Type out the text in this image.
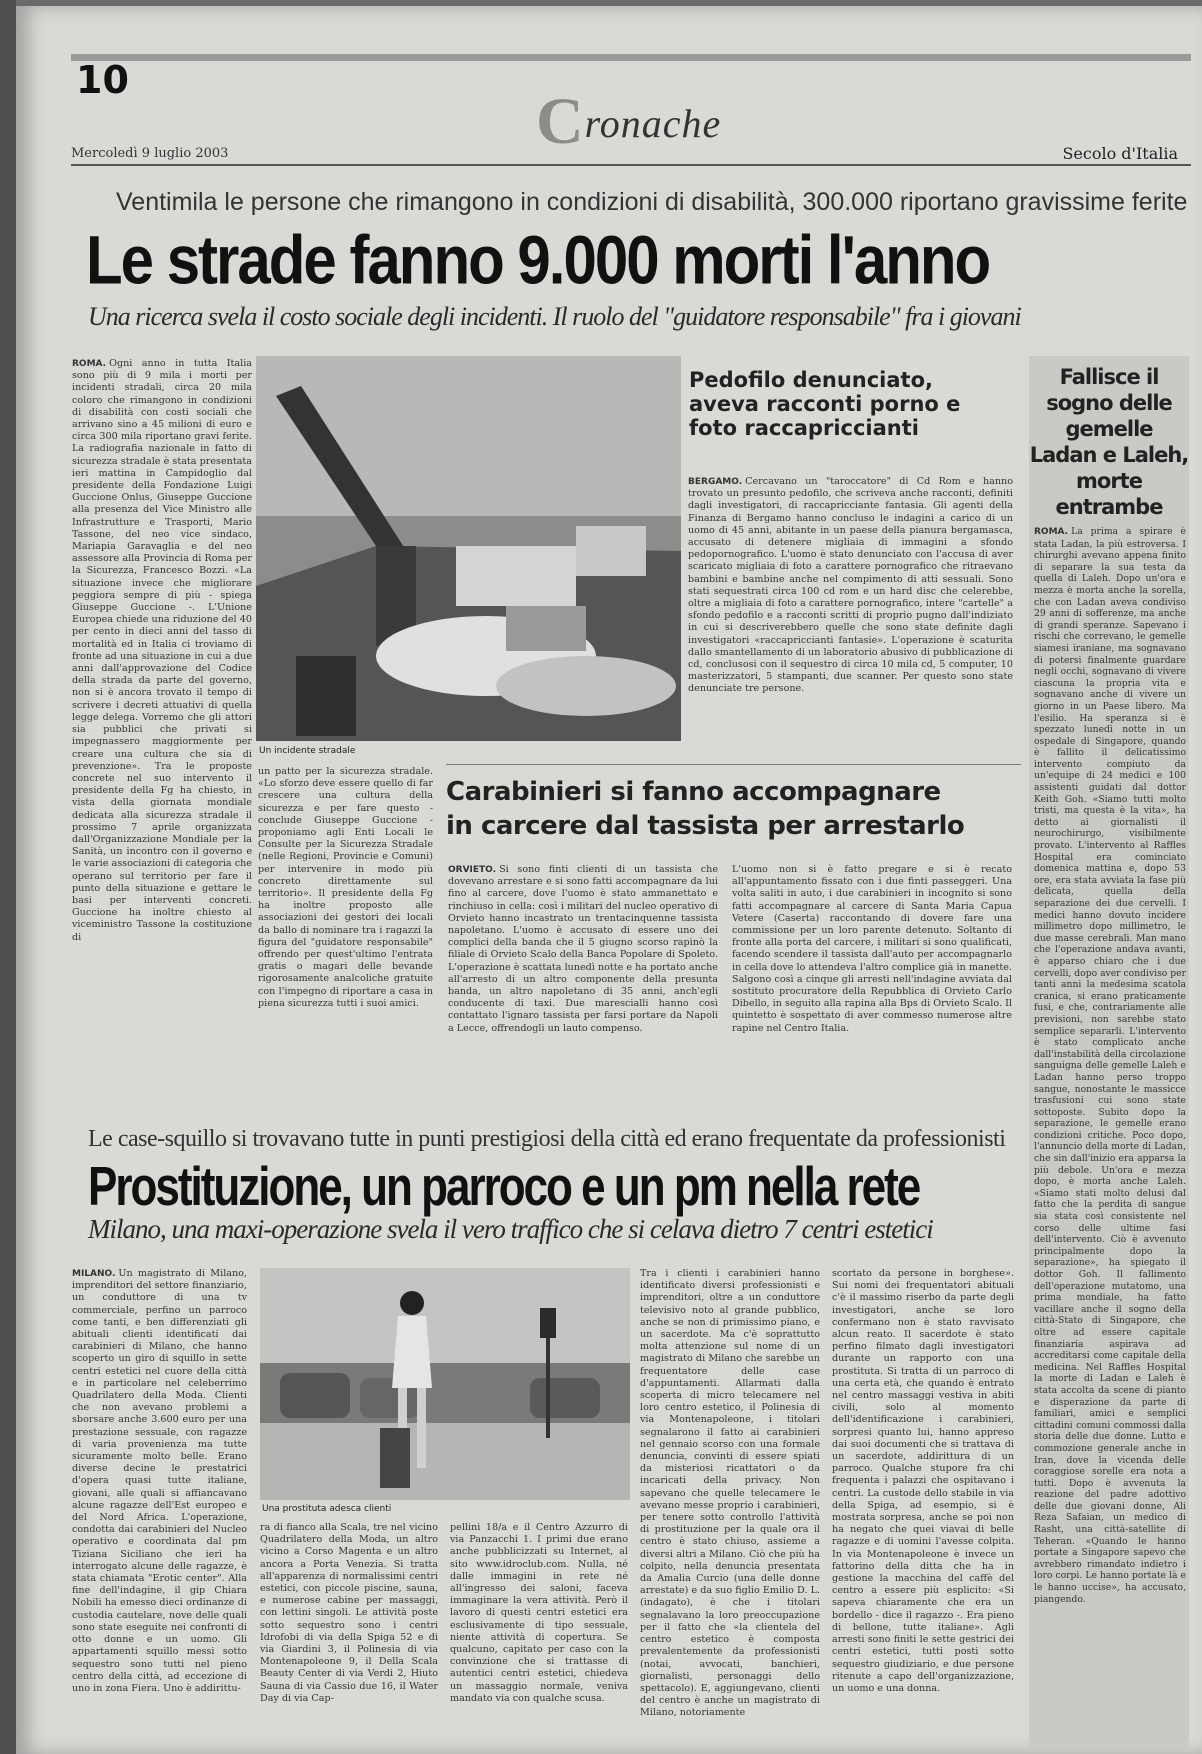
10
Cronache
Mercoledì 9 luglio 2003	Secolo d'Italia
Ventimila le persone che rimangono in condizioni di disabilità, 300.000 riportano gravissime ferite
Le strade fanno 9.000 morti l'anno
Una ricerca svela il costo sociale degli incidenti. Il ruolo del "guidatore responsabile" fra i giovani
ROMA. Ogni anno in tutta Italia sono più di 9 mila i morti per incidenti stradali, circa 20 mila coloro che rimangono in condizioni di disabilità con costi sociali che arrivano sino a 45 milioni di euro e circa 300 mila riportano gravi ferite. La radiografia nazionale in fatto di sicurezza stradale è stata presentata ieri mattina in Campidoglio dal presidente della Fondazione Luigi Guccione Onlus, Giuseppe Guccione alla presenza del Vice Ministro alle Infrastrutture e Trasporti, Mario Tassone, del neo vice sindaco, Mariapia Garavaglia e del neo assessore alla Provincia di Roma per la Sicurezza, Francesco Bozzi. «La situazione invece che migliorare peggiora sempre di più - spiega Giuseppe Guccione -. L'Unione Europea chiede una riduzione del 40 per cento in dieci anni del tasso di mortalità ed in Italia ci troviamo di fronte ad una situazione in cui a due anni dall'approvazione del Codice della strada da parte del governo, non si è ancora trovato il tempo di scrivere i decreti attuativi di quella legge delega. Vorremo che gli attori sia pubblici che privati si impegnassero maggiormente per creare una cultura che sia di prevenzione». Tra le proposte concrete nel suo intervento il presidente della Fg ha chiesto, in vista della giornata mondiale dedicata alla sicurezza stradale il prossimo 7 aprile organizzata dall'Organizzazione Mondiale per la Sanità, un incontro con il governo e le varie associazioni di categoria che operano sul territorio per fare il punto della situazione e gettare le basi per interventi concreti. Guccione ha inoltre chiesto al viceministro Tassone la costituzione di
Un incidente stradale
un patto per la sicurezza stradale. «Lo sforzo deve essere quello di far crescere una cultura della sicurezza e per fare questo - conclude Giuseppe Guccione - proponiamo agli Enti Locali le Consulte per la Sicurezza Stradale (nelle Regioni, Provincie e Comuni) per intervenire in modo più concreto direttamente sul territorio». Il presidente della Fg ha inoltre proposto alle associazioni dei gestori dei locali da ballo di nominare tra i ragazzi la figura del "guidatore responsabile" offrendo per quest'ultimo l'entrata gratis o magari delle bevande rigorosamente analcoliche gratuite con l'impegno di riportare a casa in piena sicurezza tutti i suoi amici.
Pedofilo denunciato, aveva racconti porno e foto raccapriccianti
BERGAMO. Cercavano un "taroccatore" di Cd Rom e hanno trovato un presunto pedofilo, che scriveva anche racconti, definiti dagli investigatori, di raccapricciante fantasia. Gli agenti della Finanza di Bergamo hanno concluso le indagini a carico di un uomo di 45 anni, abitante in un paese della pianura bergamasca, accusato di detenere migliaia di immagini a sfondo pedopornografico. L'uomo è stato denunciato con l'accusa di aver scaricato migliaia di foto a carattere pornografico che ritraevano bambini e bambine anche nel compimento di atti sessuali. Sono stati sequestrati circa 100 cd rom e un hard disc che celerebbe, oltre a migliaia di foto a carattere pornografico, intere "cartelle" a sfondo pedofilo e a racconti scritti di proprio pugno dall'indiziato in cui si descriverebbero quelle che sono state definite dagli investigatori «raccapriccianti fantasie». L'operazione è scaturita dallo smantellamento di un laboratorio abusivo di pubblicazione di cd, conclusosi con il sequestro di circa 10 mila cd, 5 computer, 10 masterizzatori, 5 stampanti, due scanner. Per questo sono state denunciate tre persone.
Carabinieri si fanno accompagnare
in carcere dal tassista per arrestarlo
ORVIETO. Si sono finti clienti di un tassista che dovevano arrestare e si sono fatti accompagnare da lui fino al carcere, dove l'uomo è stato ammanettato e rinchiuso in cella: così i militari del nucleo operativo di Orvieto hanno incastrato un trentacinquenne tassista napoletano. L'uomo è accusato di essere uno dei complici della banda che il 5 giugno scorso rapinò la filiale di Orvieto Scalo della Banca Popolare di Spoleto. L'operazione è scattata lunedì notte e ha portato anche all'arresto di un altro componente della presunta banda, un altro napoletano di 35 anni, anch'egli conducente di taxi. Due marescialli hanno così contattato l'ignaro tassista per farsi portare da Napoli a Lecce, offrendogli un lauto compenso.
L'uomo non si è fatto pregare e si è recato all'appuntamento fissato con i due finti passeggeri. Una volta saliti in auto, i due carabinieri in incognito si sono fatti accompagnare al carcere di Santa Maria Capua Vetere (Caserta) raccontando di dovere fare una commissione per un loro parente detenuto. Soltanto di fronte alla porta del carcere, i militari si sono qualificati, facendo scendere il tassista dall'auto per accompagnarlo in cella dove lo attendeva l'altro complice già in manette. Salgono così a cinque gli arresti nell'indagine avviata dal sostituto procuratore della Repubblica di Orvieto Carlo Dibello, in seguito alla rapina alla Bps di Orvieto Scalo. Il quintetto è sospettato di aver commesso numerose altre rapine nel Centro Italia.
Fallisce il sogno delle gemelle Ladan e Laleh, morte entrambe
ROMA. La prima a spirare è stata Ladan, la più estroversa. I chirurghi avevano appena finito di separare la sua testa da quella di Laleh. Dopo un'ora e mezza è morta anche la sorella, che con Ladan aveva condiviso 29 anni di sofferenze, ma anche di grandi speranze. Sapevano i rischi che correvano, le gemelle siamesi iraniane, ma sognavano di potersi finalmente guardare negli occhi, sognavano di vivere ciascuna la propria vita e sognavano anche di vivere un giorno in un Paese libero. Ma l'esilio. Ha speranza si è spezzato lunedì notte in un ospedale di Singapore, quando è fallito il delicatissimo intervento compiuto da un'equipe di 24 medici e 100 assistenti guidati dal dottor Keith Goh. «Siamo tutti molto tristi, ma questa è la vita», ha detto ai giornalisti il neurochirurgo, visibilmente provato. L'intervento al Raffles Hospital era cominciato domenica mattina e, dopo 53 ore, era stata avviata la fase più delicata, quella della separazione dei due cervelli. I medici hanno dovuto incidere millimetro dopo millimetro, le due masse cerebrali. Man mano che l'operazione andava avanti, è apparso chiaro che i due cervelli, dopo aver condiviso per tanti anni la medesima scatola cranica, si erano praticamente fusi, e che, contrariamente alle previsioni, non sarebbe stato semplice separarli. L'intervento è stato complicato anche dall'instabilità della circolazione sanguigna delle gemelle Laleh e Ladan hanno perso troppo sangue, nonostante le massicce trasfusioni cui sono state sottoposte. Subito dopo la separazione, le gemelle erano condizioni critiche. Poco dopo, l'annuncio della morte di Ladan, che sin dall'inizio era apparsa la più debole. Un'ora e mezza dopo, è morta anche Laleh. «Siamo stati molto delusi dal fatto che la perdita di sangue sia stata così consistente nel corso delle ultime fasi dell'intervento. Ciò è avvenuto principalmente dopo la separazione», ha spiegato il dottor Goh. Il fallimento dell'operazione mutatomo, una prima mondiale, ha fatto vacillare anche il sogno della città-Stato di Singapore, che oltre ad essere capitale finanziaria aspirava ad accreditarsi come capitale della medicina. Nel Raffles Hospital la morte di Ladan e Laleh è stata accolta da scene di pianto e disperazione da parte di familiari, amici e semplici cittadini comuni commossi dalla storia delle due donne. Lutto e commozione generale anche in Iran, dove la vicenda delle coraggiose sorelle era nota a tutti. Dopo è avvenuta la reazione del padre adottivo delle due giovani donne, Ali Reza Safaian, un medico di Rasht, una città-satellite di Teheran. «Quando le hanno portate a Singapore sapevo che avrebbero rimandato indietro i loro corpi. Le hanno portate là e le hanno uccise», ha accusato, piangendo.
Le case-squillo si trovavano tutte in punti prestigiosi della città ed erano frequentate da professionisti
Prostituzione, un parroco e un pm nella rete
Milano, una maxi-operazione svela il vero traffico che si celava dietro 7 centri estetici
MILANO. Un magistrato di Milano, imprenditori del settore finanziario, un conduttore di una tv commerciale, perfino un parroco come tanti, e ben differenziati gli abituali clienti identificati dai carabinieri di Milano, che hanno scoperto un giro di squillo in sette centri estetici nel cuore della città e in particolare nel celeberrimo Quadrilatero della Moda. Clienti che non avevano problemi a sborsare anche 3.600 euro per una prestazione sessuale, con ragazze di varia provenienza ma tutte sicuramente molto belle. Erano diverse decine le prestatrici d'opera quasi tutte italiane, giovani, alle quali si affiancavano alcune ragazze dell'Est europeo e del Nord Africa. L'operazione, condotta dai carabinieri del Nucleo operativo e coordinata dal pm Tiziana Siciliano che ieri ha interrogato alcune delle ragazze, è stata chiamata "Erotic center". Alla fine dell'indagine, il gip Chiara Nobili ha emesso dieci ordinanze di custodia cautelare, nove delle quali sono state eseguite nei confronti di otto donne e un uomo. Gli appartamenti squillo messi sotto sequestro sono tutti nel pieno centro della città, ad eccezione di uno in zona Fiera. Uno è addirittu-
Una prostituta adesca clienti
ra di fianco alla Scala, tre nel vicino Quadrilatero della Moda, un altro vicino a Corso Magenta e un altro ancora a Porta Venezia. Si tratta all'apparenza di normalissimi centri estetici, con piccole piscine, sauna, e numerose cabine per massaggi, con lettini singoli. Le attività poste sotto sequestro sono i centri Idrofobi di via della Spiga 52 e di via Giardini 3, il Polinesia di via Montenapoleone 9, il Della Scala Beauty Center di via Verdi 2, Hiuto Sauna di via Cassio due 16, il Water Day di via Cap-
pellini 18/a e il Centro Azzurro di via Panzacchi 1. I primi due erano anche pubblicizzati su Internet, al sito www.idroclub.com. Nulla, né dalle immagini in rete né all'ingresso dei saloni, faceva immaginare la vera attività. Però il lavoro di questi centri estetici era esclusivamente di tipo sessuale, niente attività di copertura. Se qualcuno, capitato per caso con la convinzione che si trattasse di autentici centri estetici, chiedeva un massaggio normale, veniva mandato via con qualche scusa.
Tra i clienti i carabinieri hanno identificato diversi professionisti e imprenditori, oltre a un conduttore televisivo noto al grande pubblico, anche se non di primissimo piano, e un sacerdote. Ma c'è soprattutto molta attenzione sul nome di un magistrato di Milano che sarebbe un frequentatore delle case d'appuntamenti. Allarmati dalla scoperta di micro telecamere nel loro centro estetico, il Polinesia di via Montenapoleone, i titolari segnalarono il fatto ai carabinieri nel gennaio scorso con una formale denuncia, convinti di essere spiati da misteriosi ricattatori o da incaricati della privacy. Non sapevano che quelle telecamere le avevano messe proprio i carabinieri, per tenere sotto controllo l'attività di prostituzione per la quale ora il centro è stato chiuso, assieme a diversi altri a Milano. Ciò che più ha colpito, nella denuncia presentata da Amalia Curcio (una delle donne arrestate) e da suo figlio Emilio D. L. (indagato), è che i titolari segnalavano la loro preoccupazione per il fatto che «la clientela del centro estetico è composta prevalentemente da professionisti (notai, avvocati, banchieri, giornalisti, personaggi dello spettacolo). E, aggiungevano, clienti del centro è anche un magistrato di Milano, notoriamente
scortato da persone in borghese». Sui nomi dei frequentatori abituali c'è il massimo riserbo da parte degli investigatori, anche se loro confermano non è stato ravvisato alcun reato. Il sacerdote è stato perfino filmato dagli investigatori durante un rapporto con una prostituta. Si tratta di un parroco di una certa età, che quando è entrato nel centro massaggi vestiva in abiti civili, solo al momento dell'identificazione i carabinieri, sorpresi quanto lui, hanno appreso dai suoi documenti che si trattava di un sacerdote, addirittura di un parroco. Qualche stupore fra chi frequenta i palazzi che ospitavano i centri. La custode dello stabile in via della Spiga, ad esempio, si è mostrata sorpresa, anche se poi non ha negato che quei viavai di belle ragazze e di uomini l'avesse colpita. In via Montenapoleone è invece un fattorino della ditta che ha in gestione la macchina del caffè del centro a essere più esplicito: «Si sapeva chiaramente che era un bordello - dice il ragazzo -. Era pieno di bellone, tutte italiane». Agli arresti sono finiti le sette gestrici dei centri estetici, tutti posti sotto sequestro giudiziario, e due persone ritenute a capo dell'organizzazione, un uomo e una donna.
